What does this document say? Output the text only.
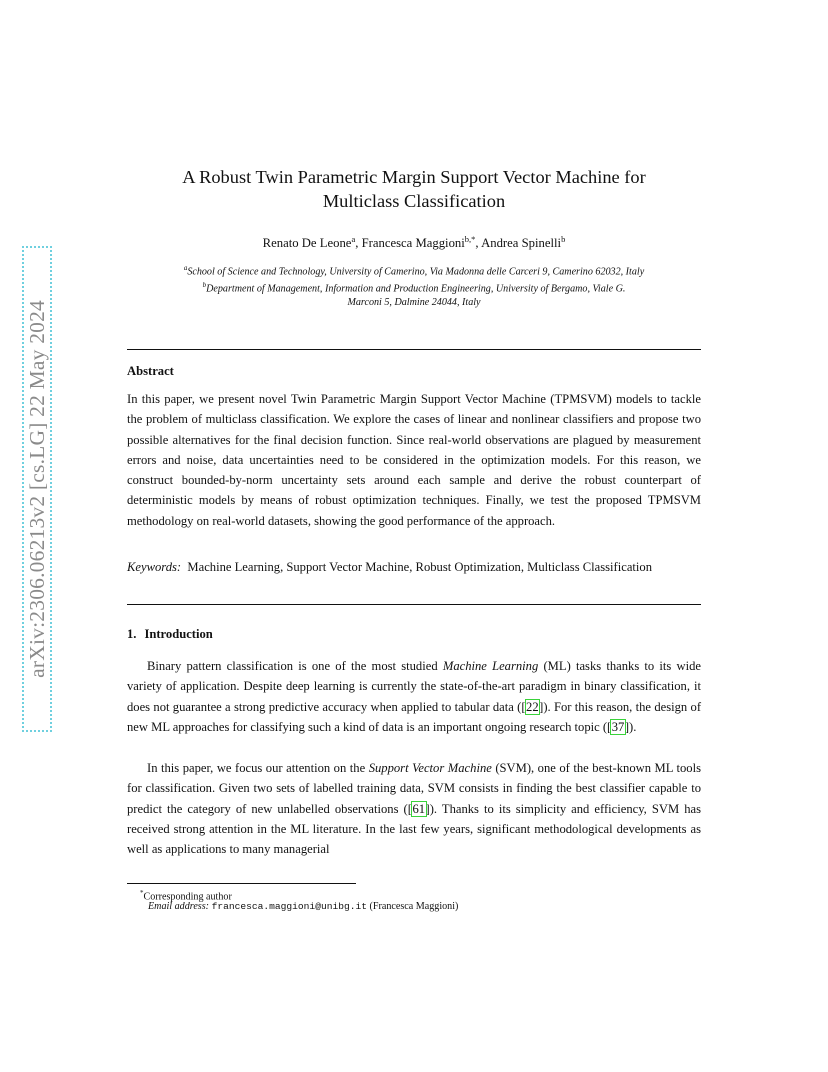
arXiv:2306.06213v2 [cs.LG] 22 May 2024
A Robust Twin Parametric Margin Support Vector Machine for
Multiclass Classification
Renato De Leone$^a$, Francesca Maggioni$^{b,*}$, Andrea Spinelli$^b$
$^a$School of Science and Technology, University of Camerino, Via Madonna delle Carceri 9, Camerino 62032, Italy
$^b$Department of Management, Information and Production Engineering, University of Bergamo, Viale G.
Marconi 5, Dalmine 24044, Italy
Abstract
In this paper, we present novel Twin Parametric Margin Support Vector Machine (TPMSVM) models to tackle the problem of multiclass classification. We explore the cases of linear and nonlinear classifiers and propose two possible alternatives for the final decision function. Since real-world observations are plagued by measurement errors and noise, data uncertainties need to be considered in the optimization models. For this reason, we construct bounded-by-norm uncertainty sets around each sample and derive the robust counterpart of deterministic models by means of robust optimization techniques. Finally, we test the proposed TPMSVM methodology on real-world datasets, showing the good performance of the approach.
Keywords: Machine Learning, Support Vector Machine, Robust Optimization, Multiclass Classification
1. Introduction
Binary pattern classification is one of the most studied Machine Learning (ML) tasks thanks to its wide variety of application. Despite deep learning is currently the state-of-the-art paradigm in binary classification, it does not guarantee a strong predictive accuracy when applied to tabular data ([22]). For this reason, the design of new ML approaches for classifying such a kind of data is an important ongoing research topic ([37]).
In this paper, we focus our attention on the Support Vector Machine (SVM), one of the best-known ML tools for classification. Given two sets of labelled training data, SVM consists in finding the best classifier capable to predict the category of new unlabelled observations ([61]). Thanks to its simplicity and efficiency, SVM has received strong attention in the ML literature. In the last few years, significant methodological developments as well as applications to many managerial
*Corresponding author
Email address: francesca.maggioni@unibg.it (Francesca Maggioni)
